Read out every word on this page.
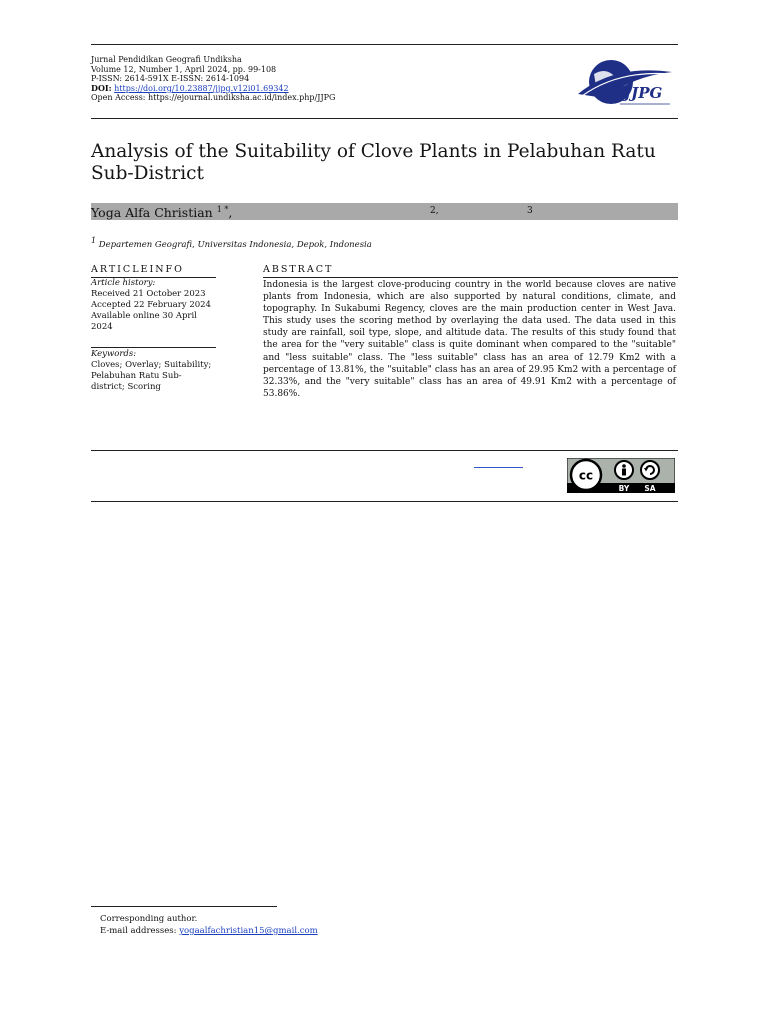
Jurnal Pendidikan Geografi Undiksha
Volume 12, Number 1, April 2024, pp. 99-108
P-ISSN: 2614-591X E-ISSN: 2614-1094
DOI: https://doi.org/10.23887/jjpg.v12i01.69342
Open Access: https://ejournal.undiksha.ac.id/index.php/JJPG	JJPG
Analysis of the Suitability of Clove Plants in Pelabuhan Ratu Sub-District
Yoga Alfa Christian $^{1 *}$,	2,	3
$^1$ Departemen Geografi, Universitas Indonesia, Depok, Indonesia
ARTICLEINFO
Article history:
Received 21 October 2023
Accepted 22 February 2024
Available online 30 April
2024
Keywords:
Cloves; Overlay; Suitability;
Pelabuhan Ratu Sub-
district; Scoring
ABSTRACT
Indonesia is the largest clove-producing country in the world because cloves are native plants from Indonesia, which are also supported by natural conditions, climate, and topography. In Sukabumi Regency, cloves are the main production center in West Java. This study uses the scoring method by overlaying the data used. The data used in this study are rainfall, soil type, slope, and altitude data. The results of this study found that the area for the "very suitable" class is quite dominant when compared to the "suitable" and "less suitable" class. The "less suitable" class has an area of 12.79 Km2 with a percentage of 13.81%, the "suitable" class has an area of 29.95 Km2 with a percentage of 32.33%, and the "very suitable" class has an area of 49.91 Km2 with a percentage of 53.86%.
cc
BY SA
Corresponding author.
E-mail addresses: yogaalfachristian15@gmail.com
